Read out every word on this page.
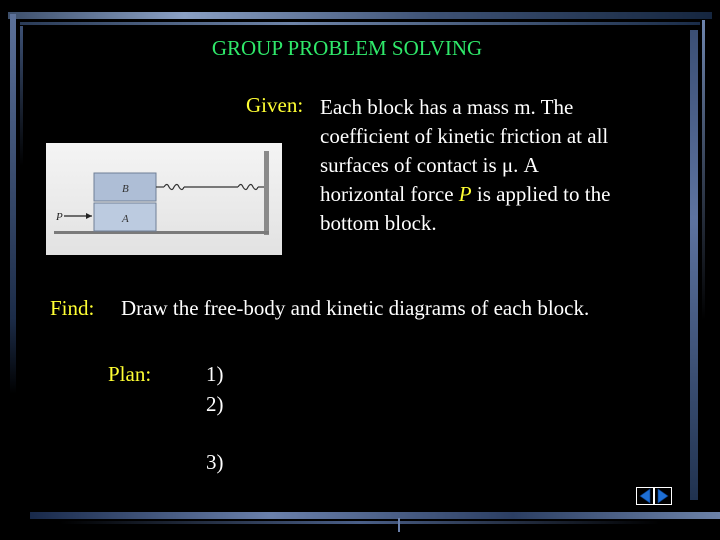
GROUP PROBLEM SOLVING
Given: Each block has a mass m. The
coefficient of kinetic friction at all
surfaces of contact is μ. A
horizontal force P is applied to the
bottom block.
B
A
P
Find: Draw the free-body and kinetic diagrams of each block.
Plan:	1)
2)
3)
